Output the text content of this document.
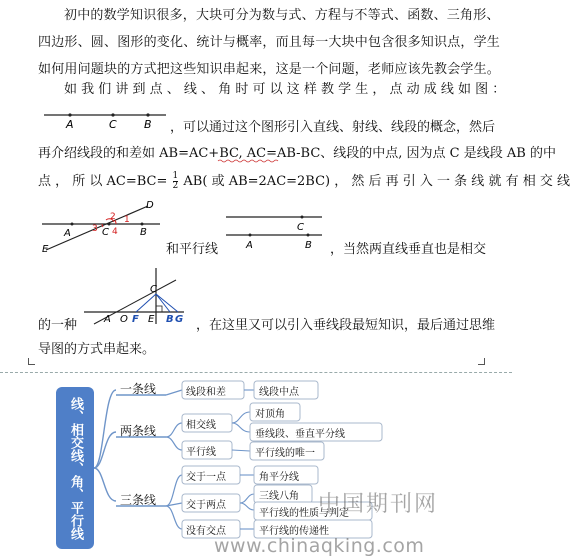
初中的数学知识很多，大块可分为数与式、方程与不等式、函数、三角形、
四边形、圆、图形的变化、统计与概率，而且每一大块中包含很多知识点，学生
如何用问题块的方式把这些知识串起来，这是一个问题，老师应该先教会学生。
如 我 们 讲 到 点 、 线 、 角 时 可 以 这 样 教 学 生 ， 点 动 成 线 如 图 ：
A	C B ，可以通过这个图形引入直线、射线、线段的概念，然后
再介绍线段的和差如 AB=AC+BC, AC=AB-BC、线段的中点, 因为点 C 是线段 AB 的中
点 ， 所 以 $AC=BC= \frac{1}{2} AB$( 或 AB=2AC=2BC) ， 然 后 再 引 入 一 条 线 就 有 相 交 线
D
A	C	B
E
1
2
3 4
和平行线
C
A	B ，当然两直线垂直也是相交
A O F E B G
C
的一种	，在这里又可以引入垂线段最短知识，最后通过思维
导图的方式串起来。
线、相交线、角、平行线
一条线
两条线
三条线
线段和差
相交线
平行线
交于一点
交于两点
没有交点
线段中点
对顶角
垂线段、垂直平分线
平行线的唯一
角平分线
三线八角
平行线的性质与判定
平行线的传递性
中国期刊网
www.chinaqking.com
